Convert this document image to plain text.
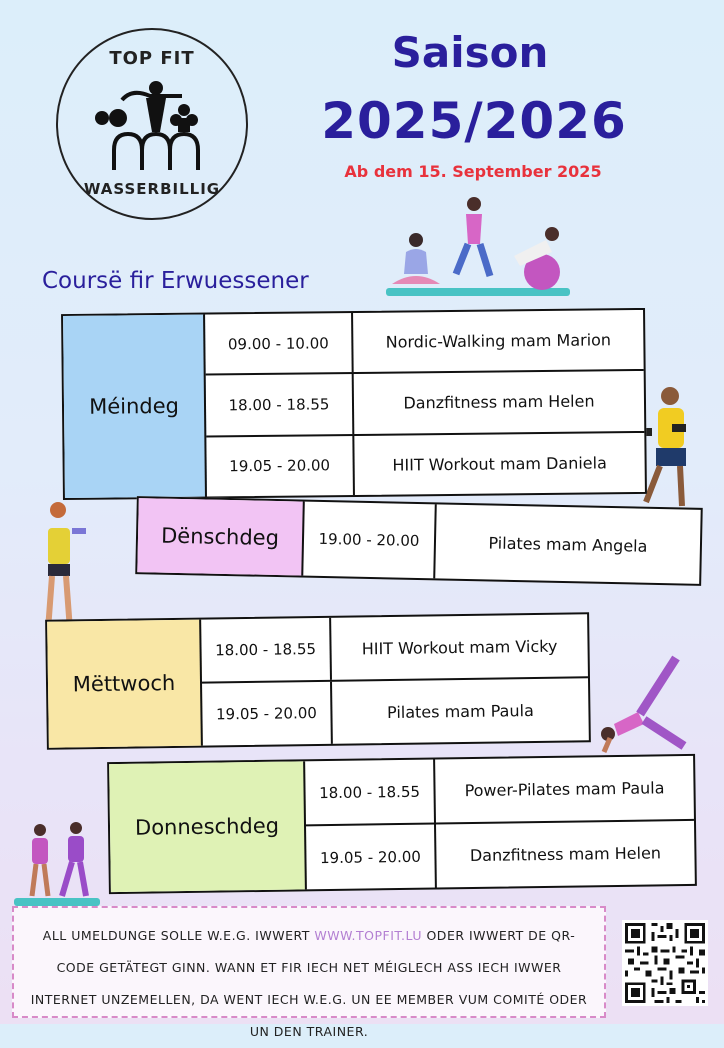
TOP FIT
WASSERBILLIG
Saison
2025/2026
Ab dem 15. September 2025
Coursë fir Erwuessener
Méindeg
09.00 - 10.00	Nordic-Walking mam Marion
18.00 - 18.55	Danzfitness mam Helen
19.05 - 20.00	HIIT Workout mam Daniela
Dënschdeg	19.00 - 20.00	Pilates mam Angela
Mëttwoch
18.00 - 18.55	HIIT Workout mam Vicky
19.05 - 20.00	Pilates mam Paula
Donneschdeg
18.00 - 18.55	Power-Pilates mam Paula
19.05 - 20.00	Danzfitness mam Helen
ALL UMELDUNGE SOLLE W.E.G. IWWERT WWW.TOPFIT.LU ODER IWWERT DE QR-CODE GETÄTEGT GINN. WANN ET FIR IECH NET MÉIGLECH ASS IECH IWWER INTERNET UNZEMELLEN, DA WENT IECH W.E.G. UN EE MEMBER VUM COMITÉ ODER UN DEN TRAINER.
